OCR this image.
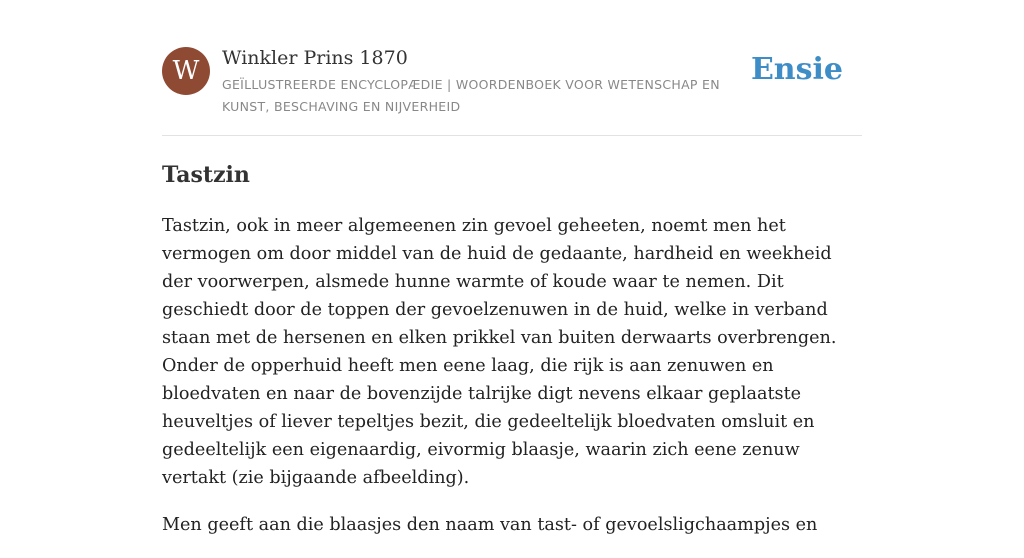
W	Winkler Prins 1870
GEÏLLUSTREERDE ENCYCLOPÆDIE | WOORDENBOEK VOOR WETENSCHAP EN KUNST, BESCHAVING EN NIJVERHEID
Ensie
Tastzin

Tastzin, ook in meer algemeenen zin gevoel geheeten, noemt men het vermogen om door middel van de huid de gedaante, hardheid en weekheid der voorwerpen, alsmede hunne warmte of koude waar te nemen. Dit geschiedt door de toppen der gevoelzenuwen in de huid, welke in verband staan met de hersenen en elken prikkel van buiten derwaarts overbrengen. Onder de opperhuid heeft men eene laag, die rijk is aan zenuwen en bloedvaten en naar de bovenzijde talrijke digt nevens elkaar geplaatste heuveltjes of liever tepeltjes bezit, die gedeeltelijk bloedvaten omsluit en gedeeltelijk een eigenaardig, eivormig blaasje, waarin zich eene zenuw vertakt (zie bijgaande afbeelding).

Men geeft aan die blaasjes den naam van tast- of gevoelsligchaampjes en
